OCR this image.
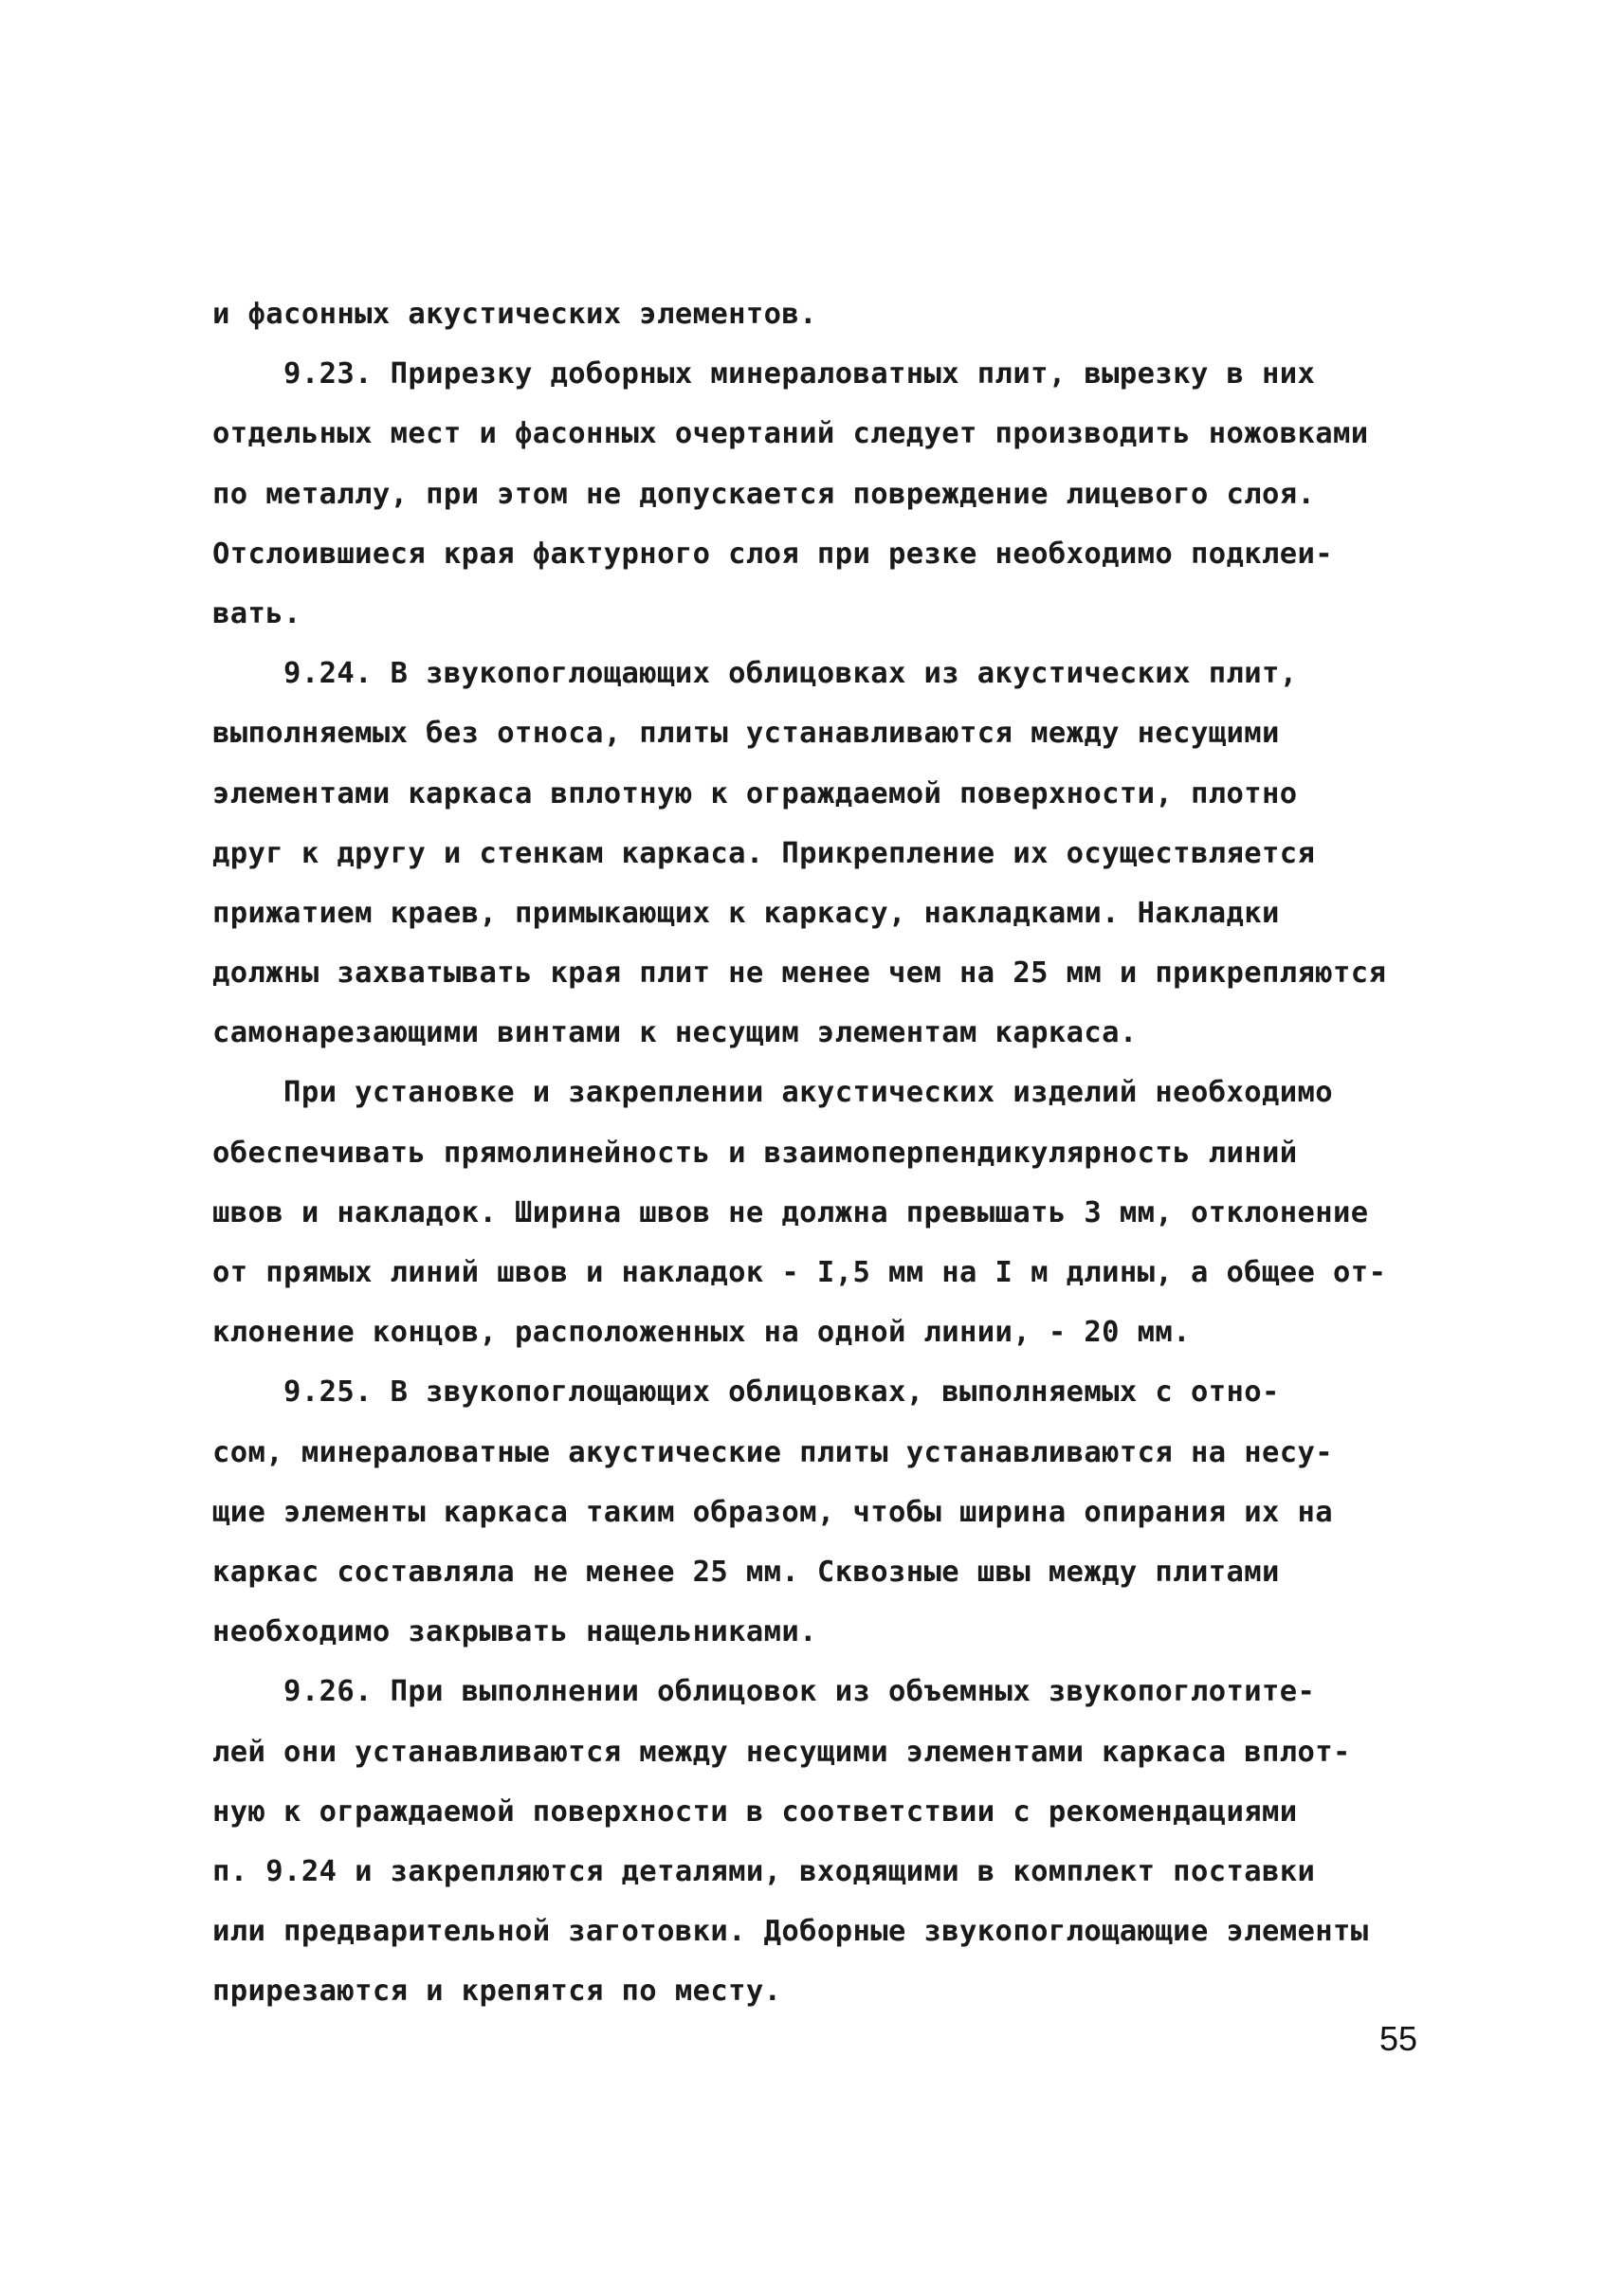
и фасонных акустических элементов.
9.23. Прирезку доборных минераловатных плит, вырезку в них
отдельных мест и фасонных очертаний следует производить ножовками
по металлу, при этом не допускается повреждение лицевого слоя.
Отслоившиеся края фактурного слоя при резке необходимо подклеи-
вать.
9.24. В звукопоглощающих облицовках из акустических плит,
выполняемых без относа, плиты устанавливаются между несущими
элементами каркаса вплотную к ограждаемой поверхности, плотно
друг к другу и стенкам каркаса. Прикрепление их осуществляется
прижатием краев, примыкающих к каркасу, накладками. Накладки
должны захватывать края плит не менее чем на 25 мм и прикрепляются
самонарезающими винтами к несущим элементам каркаса.
При установке и закреплении акустических изделий необходимо
обеспечивать прямолинейность и взаимоперпендикулярность линий
швов и накладок. Ширина швов не должна превышать 3 мм, отклонение
от прямых линий швов и накладок - I,5 мм на I м длины, а общее от-
клонение концов, расположенных на одной линии, - 20 мм.
9.25. В звукопоглощающих облицовках, выполняемых с отно-
сом, минераловатные акустические плиты устанавливаются на несу-
щие элементы каркаса таким образом, чтобы ширина опирания их на
каркас составляла не менее 25 мм. Сквозные швы между плитами
необходимо закрывать нащельниками.
9.26. При выполнении облицовок из объемных звукопоглотите-
лей они устанавливаются между несущими элементами каркаса вплот-
ную к ограждаемой поверхности в соответствии с рекомендациями
п. 9.24 и закрепляются деталями, входящими в комплект поставки
или предварительной заготовки. Доборные звукопоглощающие элементы
прирезаются и крепятся по месту.
55
